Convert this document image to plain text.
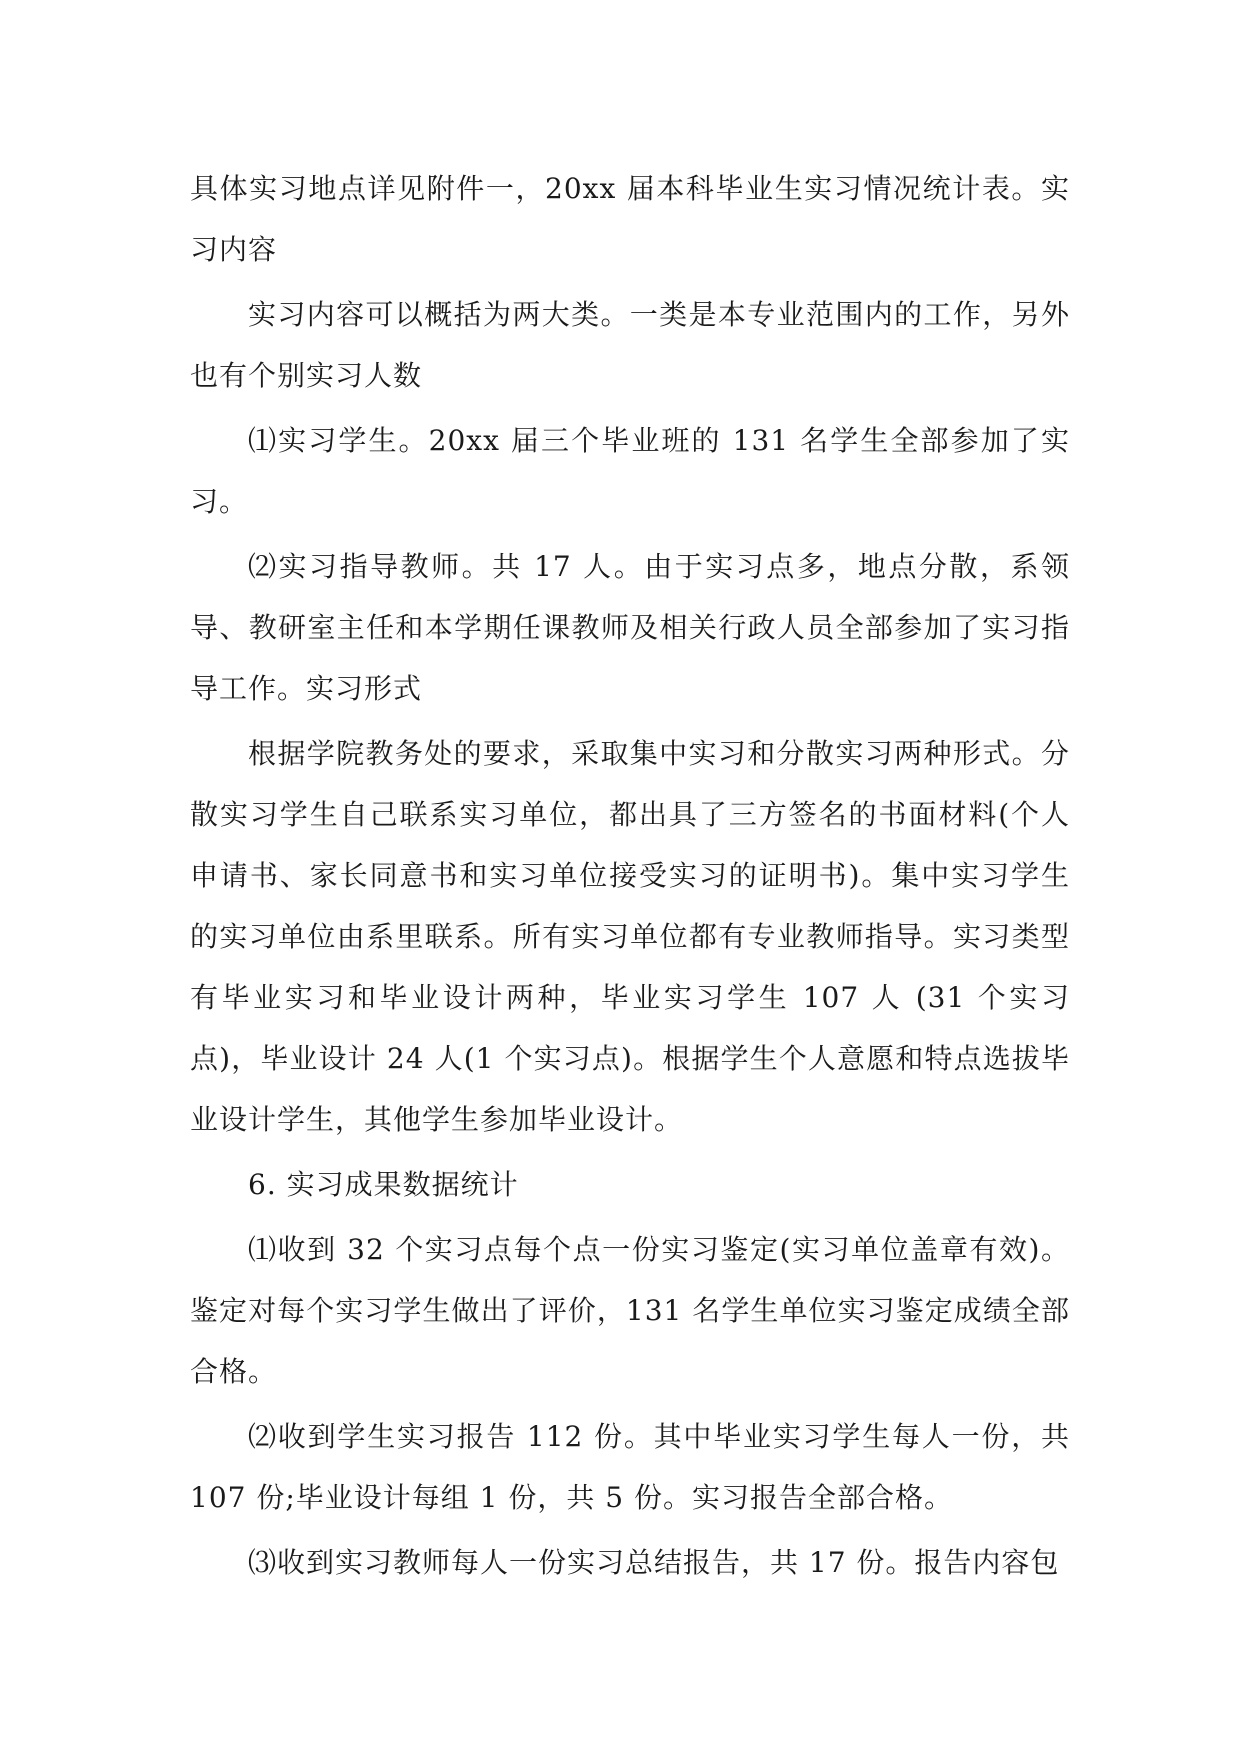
具体实习地点详见附件一，20xx 届本科毕业生实习情况统计表。实习内容

实习内容可以概括为两大类。一类是本专业范围内的工作，另外也有个别实习人数

⑴实习学生。20xx 届三个毕业班的 131 名学生全部参加了实习。

⑵实习指导教师。共 17 人。由于实习点多，地点分散，系领导、教研室主任和本学期任课教师及相关行政人员全部参加了实习指导工作。实习形式

根据学院教务处的要求，采取集中实习和分散实习两种形式。分散实习学生自己联系实习单位，都出具了三方签名的书面材料(个人申请书、家长同意书和实习单位接受实习的证明书)。集中实习学生的实习单位由系里联系。所有实习单位都有专业教师指导。实习类型有毕业实习和毕业设计两种，毕业实习学生 107 人 (31 个实习点)，毕业设计 24 人(1 个实习点)。根据学生个人意愿和特点选拔毕业设计学生，其他学生参加毕业设计。

6. 实习成果数据统计

⑴收到 32 个实习点每个点一份实习鉴定(实习单位盖章有效)。鉴定对每个实习学生做出了评价，131 名学生单位实习鉴定成绩全部合格。

⑵收到学生实习报告 112 份。其中毕业实习学生每人一份，共 107 份;毕业设计每组 1 份，共 5 份。实习报告全部合格。

⑶收到实习教师每人一份实习总结报告，共 17 份。报告内容包
